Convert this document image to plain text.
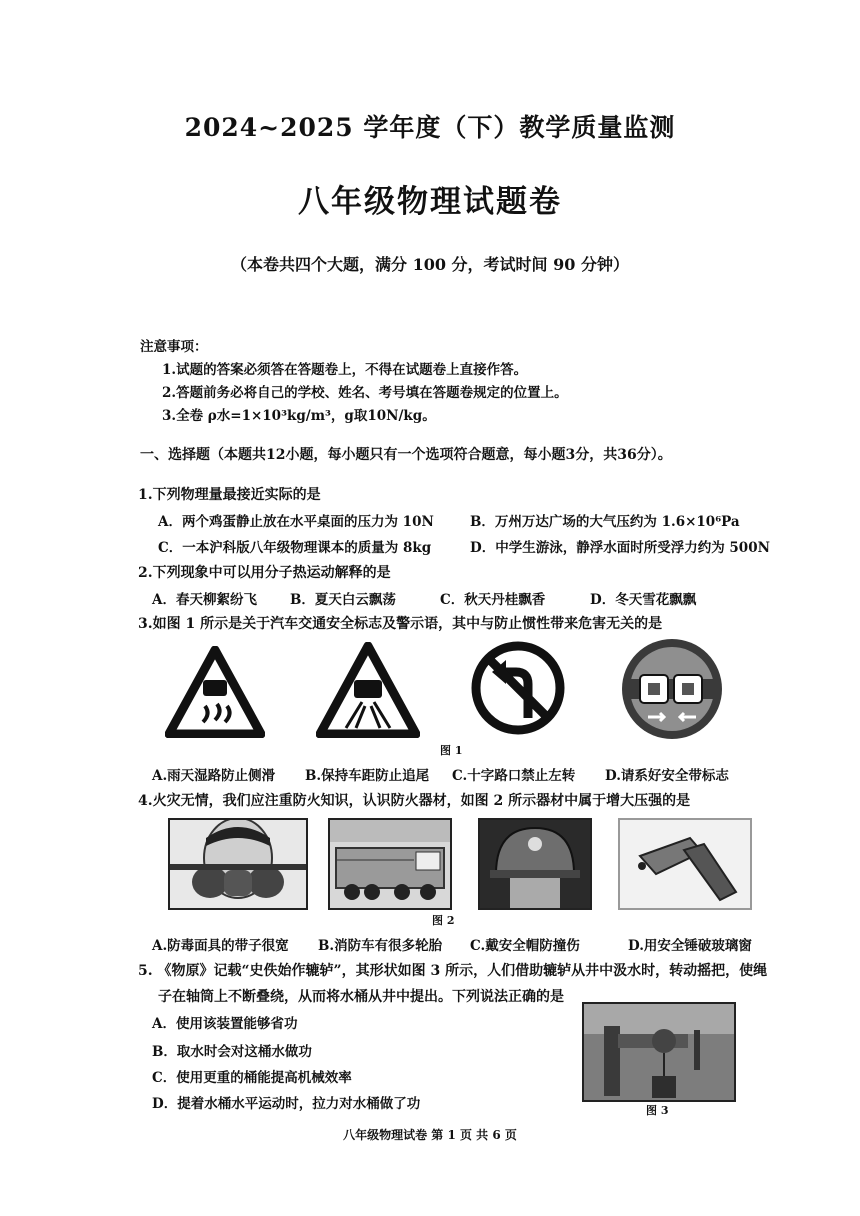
2024~2025 学年度（下）教学质量监测
八年级物理试题卷
（本卷共四个大题，满分 100 分，考试时间 90 分钟）
注意事项：
1.试题的答案必须答在答题卷上，不得在试题卷上直接作答。
2.答题前务必将自己的学校、姓名、考号填在答题卷规定的位置上。
3.全卷 ρ水=1×10³kg/m³，g取10N/kg。
一、选择题（本题共12小题，每小题只有一个选项符合题意，每小题3分，共36分）。
1.下列物理量最接近实际的是
A．两个鸡蛋静止放在水平桌面的压力为 10N	B．万州万达广场的大气压约为 1.6×10⁶Pa
C．一本沪科版八年级物理课本的质量为 8kg	D．中学生游泳，静浮水面时所受浮力约为 500N
2.下列现象中可以用分子热运动解释的是
A．春天柳絮纷飞 B．夏天白云飘荡	C．秋天丹桂飘香	D．冬天雪花飘飘
3.如图 1 所示是关于汽车交通安全标志及警示语，其中与防止惯性带来危害无关的是
图 1
A.雨天湿路防止侧滑 B.保持车距防止追尾 C.十字路口禁止左转 D.请系好安全带标志
4.火灾无情，我们应注重防火知识，认识防火器材，如图 2 所示器材中属于增大压强的是
图 2
A.防毒面具的带子很宽 B.消防车有很多轮胎 C.戴安全帽防撞伤	D.用安全锤破玻璃窗
5. 《物原》记载“史佚始作辘轳”，其形状如图 3 所示，人们借助辘轳从井中汲水时，转动摇把，使绳
子在轴筒上不断叠绕，从而将水桶从井中提出。下列说法正确的是
A．使用该装置能够省功
B．取水时会对这桶水做功
C．使用更重的桶能提高机械效率
D．提着水桶水平运动时，拉力对水桶做了功	图 3
八年级物理试卷 第 1 页 共 6 页
